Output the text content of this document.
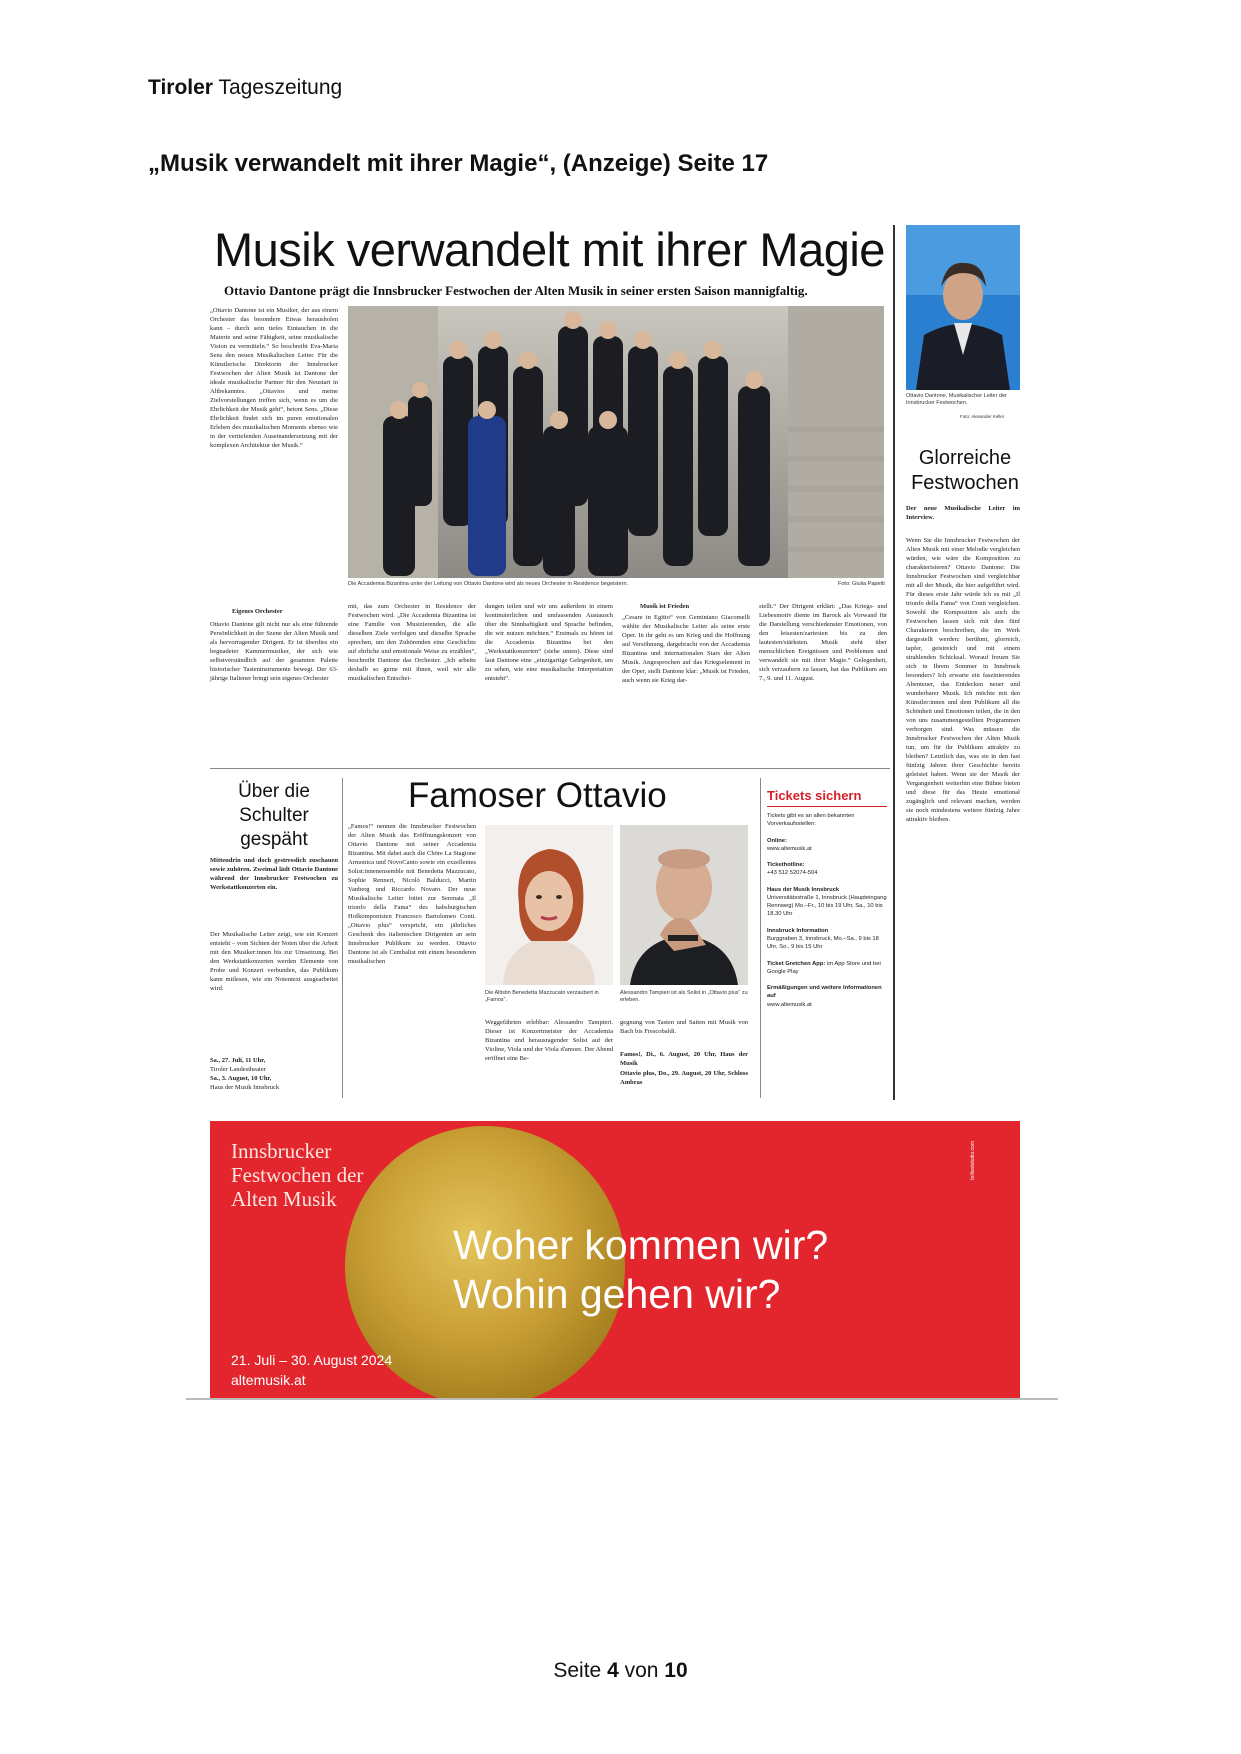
Tiroler Tageszeitung
„Musik verwandelt mit ihrer Magie“, (Anzeige) Seite 17
Musik verwandelt mit ihrer Magie
Ottavio Dantone prägt die Innsbrucker Festwochen der Alten Musik in seiner ersten Saison mannigfaltig.
Die Accademia Bizantina unter der Leitung von Ottavio Dantone wird als neues Orchester in Residence begeistern.	Foto: Giulia Papetti
„Ottavio Dantone ist ein Musiker, der aus einem Orchester das besondere Etwas herausholen kann – durch sein tiefes Eintauchen in die Materie und seine Fähigkeit, seine musikalische Vision zu vermitteln.“ So beschreibt Eva-Maria Sens den neuen Musikalischen Leiter. Für die Künstlerische Direktorin der Innsbrucker Festwochen der Alten Musik ist Dantone der ideale musikalische Partner für den Neustart in Altbekanntes. „Ottavios und meine Zielvorstellungen treffen sich, wenn es um die Ehrlichkeit der Musik geht“, betont Sens. „Diese Ehrlichkeit findet sich im puren emotionalen Erleben des musikalischen Moments ebenso wie in der vertiefenden Auseinandersetzung mit der komplexen Architektur der Musik.“
Eigenes Orchester
Ottavio Dantone gilt nicht nur als eine führende Persönlichkeit in der Szene der Alten Musik und als hervorragender Dirigent. Er ist überdies ein begnadeter Kammermusiker, der sich wie selbstverständlich auf der gesamten Palette historischer Tasteninstrumente bewegt. Der 63-jährige Italiener bringt sein eigenes Orchester
mit, das zum Orchester in Residence der Festwochen wird. „Die Accademia Bizantina ist eine Familie von Musizierenden, die alle dieselben Ziele verfolgen und dieselbe Sprache sprechen, um den Zuhörenden eine Geschichte auf ehrliche und emotionale Weise zu erzählen“, beschreibt Dantone das Orchester. „Ich arbeite deshalb so gerne mit ihnen, weil wir alle musikalischen Entschei-
dungen teilen und wir uns außerdem in einem kontinuierlichen und umfassenden Austausch über die Sinnhaftigkeit und Sprache befinden, die wir nutzen möchten.“ Erstmals zu hören ist die Accademia Bizantina bei den „Werkstattkonzerten“ (siehe unten). Diese sind laut Dantone eine „einzigartige Gelegenheit, um zu sehen, wie eine musikalische Interpretation entsteht“.
Musik ist Frieden
„Cesare in Egitto“ von Geminiano Giacomelli wählte der Musikalische Leiter als seine erste Oper. In ihr geht es um Krieg und die Hoffnung auf Versöhnung, dargebracht von der Accademia Bizantina und internationalen Stars der Alten Musik. Angesprochen auf das Kriegselement in der Oper, stellt Dantone klar: „Musik ist Frieden, auch wenn sie Krieg dar-
stellt.“ Der Dirigent erklärt: „Das Kriegs- und Liebesmotiv diente im Barock als Vorwand für die Darstellung verschiedenster Emotionen, von den leisesten/zartesten bis zu den lautesten/stärksten. Musik steht über menschlichen Ereignissen und Problemen und verwandelt sie mit ihrer Magie.“ Gelegenheit, sich verzaubern zu lassen, hat das Publikum am 7., 9. und 11. August.
Ottavio Dantone, Musikalischer Leiter der Innsbrucker Festwochen.
Foto: Alexander Keller
Glorreiche
Festwochen
Der neue Musikalische Leiter im Interview.
Wenn Sie die Innsbrucker Festwochen der Alten Musik mit einer Melodie vergleichen würden, wie wäre die Komposition zu charakterisieren? Ottavio Dantone: Die Innsbrucker Festwochen sind vergleichbar mit all der Musik, die hier aufgeführt wird. Für dieses erste Jahr würde ich es mit „Il trionfo della Fama“ von Conti vergleichen. Sowohl die Komposition als auch die Festwochen lassen sich mit den fünf Charakteren beschreiben, die im Werk dargestellt werden: berühmt, glorreich, tapfer, geistreich und mit einem strahlenden Schicksal. Worauf freuen Sie sich in Ihrem Sommer in Innsbruck besonders? Ich erwarte ein faszinierendes Abenteuer, das Entdecken neuer und wunderbarer Musik. Ich möchte mit den Künstler:innen und dem Publikum all die Schönheit und Emotionen teilen, die in den von uns zusammengestellten Programmen verborgen sind. Was müssen die Innsbrucker Festwochen der Alten Musik tun, um für ihr Publikum attraktiv zu bleiben? Letztlich das, was sie in den fast fünfzig Jahren ihrer Geschichte bereits geleistet haben. Wenn sie der Musik der Vergangenheit weiterhin eine Bühne bieten und diese für das Heute emotional zugänglich und relevant machen, werden sie noch mindestens weitere fünfzig Jahre attraktiv bleiben.
Über die
Schulter
gespäht
Mittendrin und doch gestresslich zuschauen sowie zuhören. Zweimal lädt Ottavio Dantone während der Innsbrucker Festwochen zu Werkstattkonzerten ein.
Der Musikalische Leiter zeigt, wie ein Konzert entsteht – vom Sichten der Noten über die Arbeit mit den Musiker:innen bis zur Umsetzung. Bei den Werkstattkonzerten werden Elemente von Probe und Konzert verbunden, das Publikum kann mitlesen, wie ein Notentext ausgearbeitet wird.
Sa., 27. Juli, 11 Uhr,
Tiroler Landestheater
Sa., 3. August, 10 Uhr,
Haus der Musik Innsbruck
Famoser Ottavio
„Famos!“ nennen die Innsbrucker Festwochen der Alten Musik das Eröffnungskonzert von Ottavio Dantone mit seiner Accademia Bizantina. Mit dabei auch die Chöre La Stagione Armonica und NovoCanto sowie ein exzellentes Solist:innenensemble mit Benedetta Mazzucato, Sophie Rennert, Nicolò Balducci, Martin Vanberg und Riccardo Novaro. Der neue Musikalische Leiter bittet zur Serenata „Il trionfo della Fama“ des habsburgischen Hofkomponisten Francesco Bartolomeo Conti. „Ottavio plus“ verspricht, ein jährliches Geschenk des italienischen Dirigenten an sein Innsbrucker Publikum zu werden. Ottavio Dantone ist als Cembalist mit einem besonderen musikalischen
Die Altistin Benedetta Mazzucato verzaubert in „Famos“.
Alessandro Tampieri ist als Solist in „Ottavio plus“ zu erleben.
Weggefährten erlebbar: Alessandro Tampieri. Dieser ist Konzertmeister der Accademia Bizantina und herausragender Solist auf der Violine, Viola und der Viola d'amore. Der Abend eröffnet eine Be-
gegnung von Tasten und Saiten mit Musik von Bach bis Frescobaldi.
Famos!, Di., 6. August, 20 Uhr, Haus der Musik
Ottavio plus, Do., 29. August, 20 Uhr, Schloss Ambras
Tickets sichern
Tickets gibt es an allen bekannten Vorverkaufsstellen:

Online:
www.altemusik.at

Tickethotline:
+43 512 52074-504

Haus der Musik Innsbruck
Universitätsstraße 1, Innsbruck (Haupteingang Rennweg) Mo.–Fr., 10 bis 19 Uhr, Sa., 10 bis 18.30 Uhr

Innsbruck Information
Burggraben 3, Innsbruck, Mo.–Sa., 9 bis 18 Uhr, So., 9 bis 15 Uhr

Ticket Gretchen App: im App Store und bei Google Play

Ermäßigungen und weitere Informationen auf
www.altemusik.at
Innsbrucker
Festwochen der
Alten Musik
Woher kommen wir?
Wohin gehen wir?
21. Juli – 30. August 2024
altemusik.at
brillantstudio.com
Seite 4 von 10
